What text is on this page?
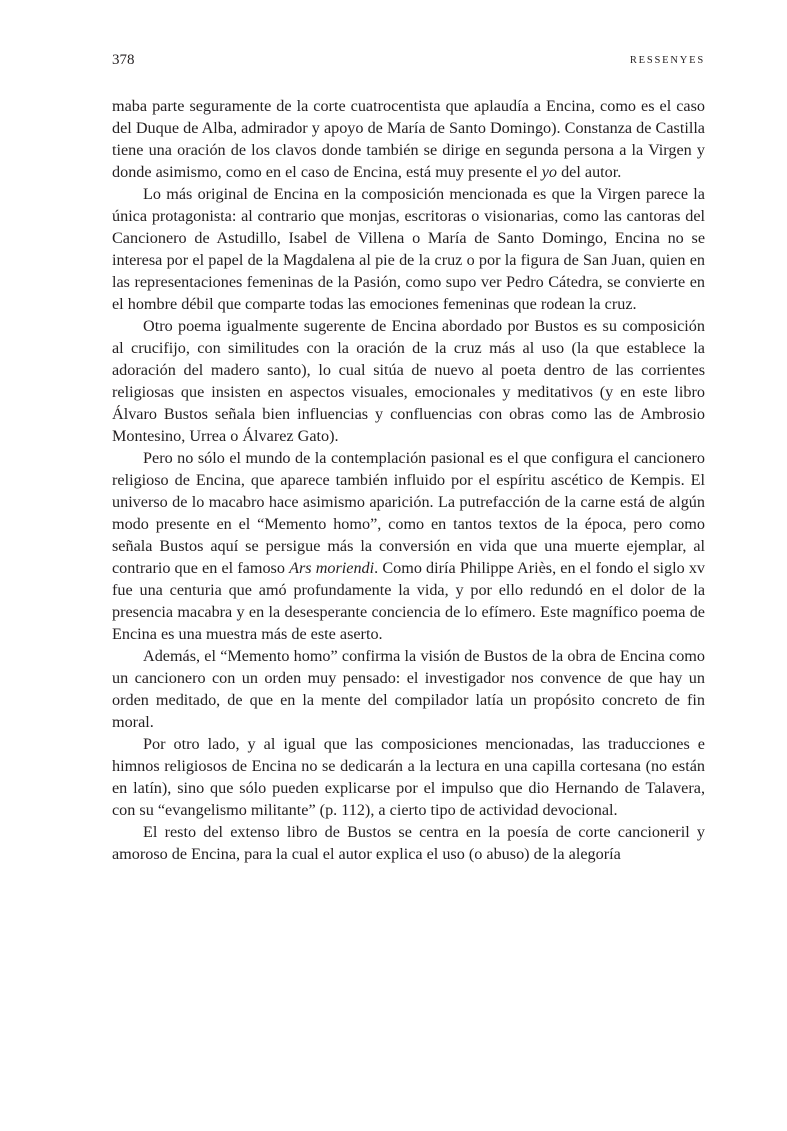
378	RESSENYES

maba parte seguramente de la corte cuatrocentista que aplaudía a Encina, como es el caso del Duque de Alba, admirador y apoyo de María de Santo Domingo). Constanza de Castilla tiene una oración de los clavos donde también se dirige en segunda persona a la Virgen y donde asimismo, como en el caso de Encina, está muy presente el yo del autor.

Lo más original de Encina en la composición mencionada es que la Virgen parece la única protagonista: al contrario que monjas, escritoras o visionarias, como las cantoras del Cancionero de Astudillo, Isabel de Villena o María de Santo Domingo, Encina no se interesa por el papel de la Magdalena al pie de la cruz o por la figura de San Juan, quien en las representaciones femeninas de la Pasión, como supo ver Pedro Cátedra, se convierte en el hombre débil que comparte todas las emociones femeninas que rodean la cruz.

Otro poema igualmente sugerente de Encina abordado por Bustos es su composición al crucifijo, con similitudes con la oración de la cruz más al uso (la que establece la adoración del madero santo), lo cual sitúa de nuevo al poeta dentro de las corrientes religiosas que insisten en aspectos visuales, emocionales y meditativos (y en este libro Álvaro Bustos señala bien influencias y confluencias con obras como las de Ambrosio Montesino, Urrea o Álvarez Gato).

Pero no sólo el mundo de la contemplación pasional es el que configura el cancionero religioso de Encina, que aparece también influido por el espíritu ascético de Kempis. El universo de lo macabro hace asimismo aparición. La putrefacción de la carne está de algún modo presente en el “Memento homo”, como en tantos textos de la época, pero como señala Bustos aquí se persigue más la conversión en vida que una muerte ejemplar, al contrario que en el famoso Ars moriendi. Como diría Philippe Ariès, en el fondo el siglo xv fue una centuria que amó profundamente la vida, y por ello redundó en el dolor de la presencia macabra y en la desesperante conciencia de lo efímero. Este magnífico poema de Encina es una muestra más de este aserto.

Además, el “Memento homo” confirma la visión de Bustos de la obra de Encina como un cancionero con un orden muy pensado: el investigador nos convence de que hay un orden meditado, de que en la mente del compilador latía un propósito concreto de fin moral.

Por otro lado, y al igual que las composiciones mencionadas, las traducciones e himnos religiosos de Encina no se dedicarán a la lectura en una capilla cortesana (no están en latín), sino que sólo pueden explicarse por el impulso que dio Hernando de Talavera, con su “evangelismo militante” (p. 112), a cierto tipo de actividad devocional.

El resto del extenso libro de Bustos se centra en la poesía de corte cancioneril y amoroso de Encina, para la cual el autor explica el uso (o abuso) de la alegoría
